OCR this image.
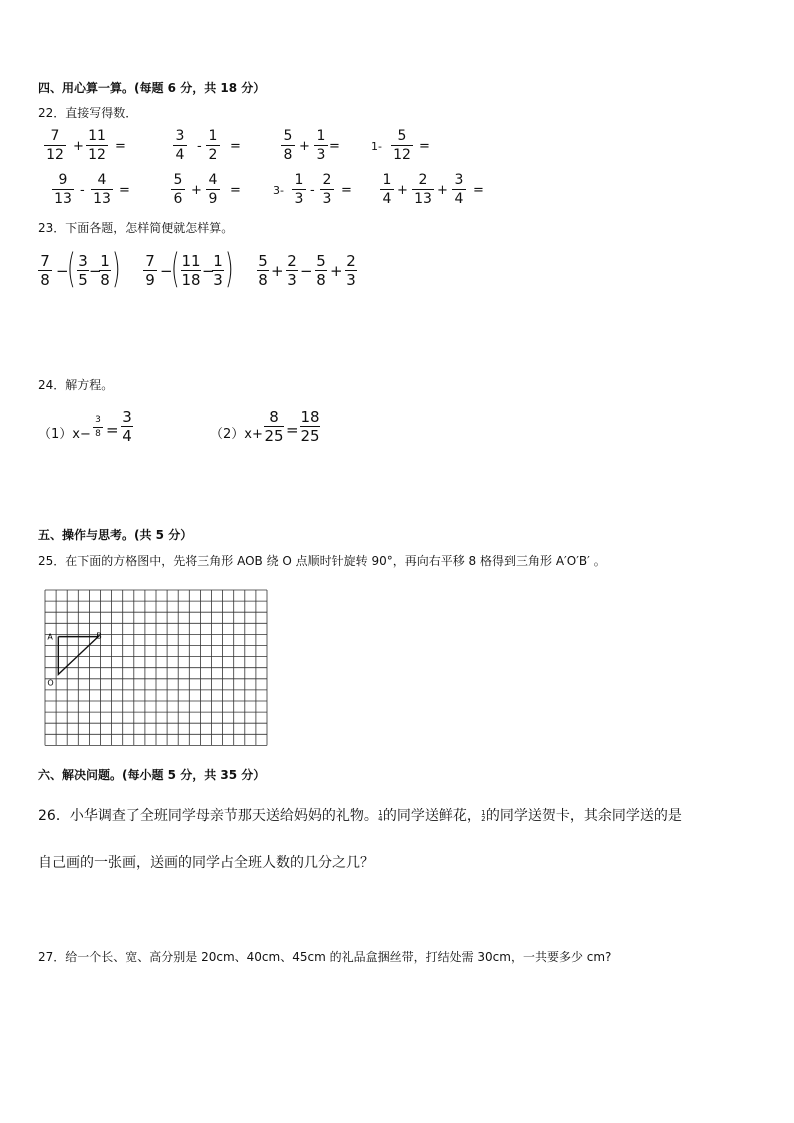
四、用心算一算。(每题 6 分，共 18 分）
22．直接写得数．
7
12
+
11
12
=
3
4
-
1
2
=
5
8
+
1
3
=	1-
5
12
=
9
13
-
4
13
=
5
6
+
4
9
=	3-
1
3
-
2
3
=
1
4
+
2
13
+
3
4
=
23．下面各题，怎样简便就怎样算。
7
8 −
( 3
5 −
1
8 ) 7
9 −
( 11
18 −
1
3 ) 5
8 +
2
3 −
5
8 +
2
3
24．解方程。
（1）x−
3
8 =
3
4	（2）x+
8
25 =
18
25
五、操作与思考。(共 5 分）
25．在下面的方格图中，先将三角形 AOB 绕 O 点顺时针旋转 90°，再向右平移 8 格得到三角形 A′O′B′ 。
A	B
O
六、解决问题。(每小题 5 分，共 35 分）
26．小华调查了全班同学母亲节那天送给妈妈的礼物。 1
4 的同学送鲜花， 1
2 的同学送贺卡，其余同学送的是
自己画的一张画，送画的同学占全班人数的几分之几？
27．给一个长、宽、高分别是 20cm、40cm、45cm 的礼品盒捆丝带，打结处需 30cm，一共要多少 cm?
